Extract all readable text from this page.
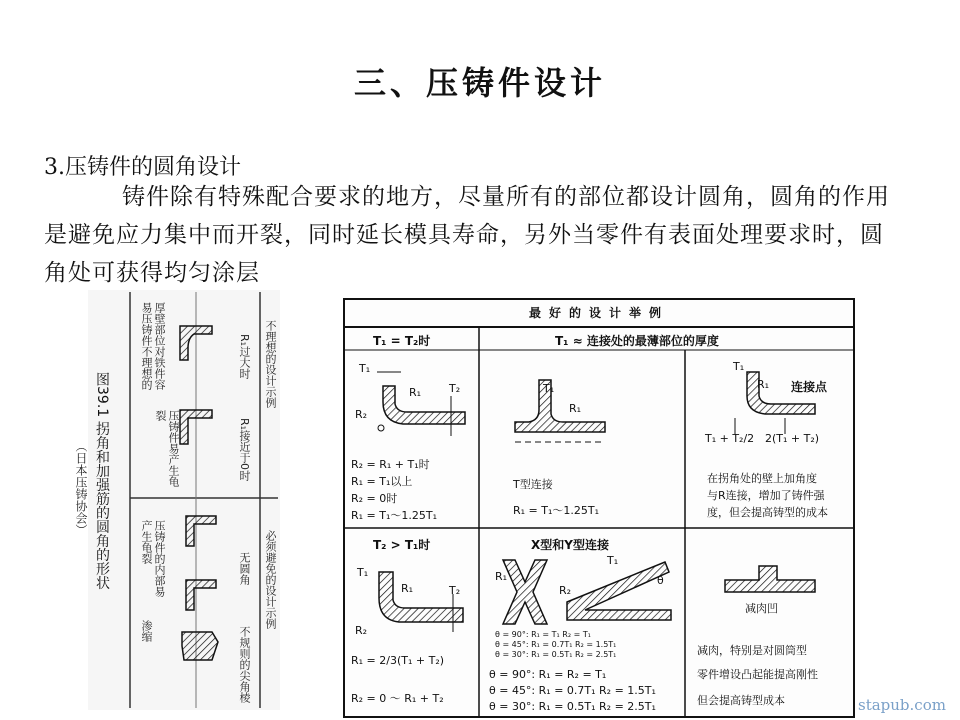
三、压铸件设计
3.压铸件的圆角设计
铸件除有特殊配合要求的地方，尽量所有的部位都设计圆角，圆角的作用是避免应力集中而开裂，同时延长模具寿命，另外当零件有表面处理要求时，圆角处可获得均匀涂层
图39.1 拐角和加强筋的圆角的形状
（日本压铸协会）
不理想的设计示例
必须避免的设计示例
R₁过大时
R₁接近于0时
无圆角
不规则的尖角棱
厚壁部位对铁件容易压铸件不理想的
压铸件易产生龟裂
压铸件的内部易产生龟裂
渗缩
最好的设计举例
T₁ = T₂时	T₁ ≈ 连接处的最薄部位的厚度
T₁
R₁	T₂
R₂
R₂ = R₁ + T₁时
R₁ = T₁以上
R₂ = 0时
R₁ = T₁～1.25T₁
T₁
R₁
T型连接
R₁ = T₁～1.25T₁
T₁
R₁ 连接点
T₁ + T₂/2 2(T₁ + T₂)
在拐角处的壁上加角度
与R连接，增加了铸件强
度，但会提高铸型的成本
T₂ > T₁时
T₁
R₁	T₂
R₂
R₁ = 2/3(T₁ + T₂)
R₂ = 0 ～ R₁ + T₂
X型和Y型连接
R₁
R₂
T₁
θ
θ = 90°: R₁ = T₁ R₂ = T₁
θ = 45°: R₁ = 0.7T₁ R₂ = 1.5T₁
θ = 30°: R₁ = 0.5T₁ R₂ = 2.5T₁
θ = 90°: R₁ = R₂ = T₁
θ = 45°: R₁ = 0.7T₁ R₂ = 1.5T₁
θ = 30°: R₁ = 0.5T₁ R₂ = 2.5T₁
减肉凹
减肉，特别是对圆筒型
零件增设凸起能提高刚性
但会提高铸型成本	stapub.com
